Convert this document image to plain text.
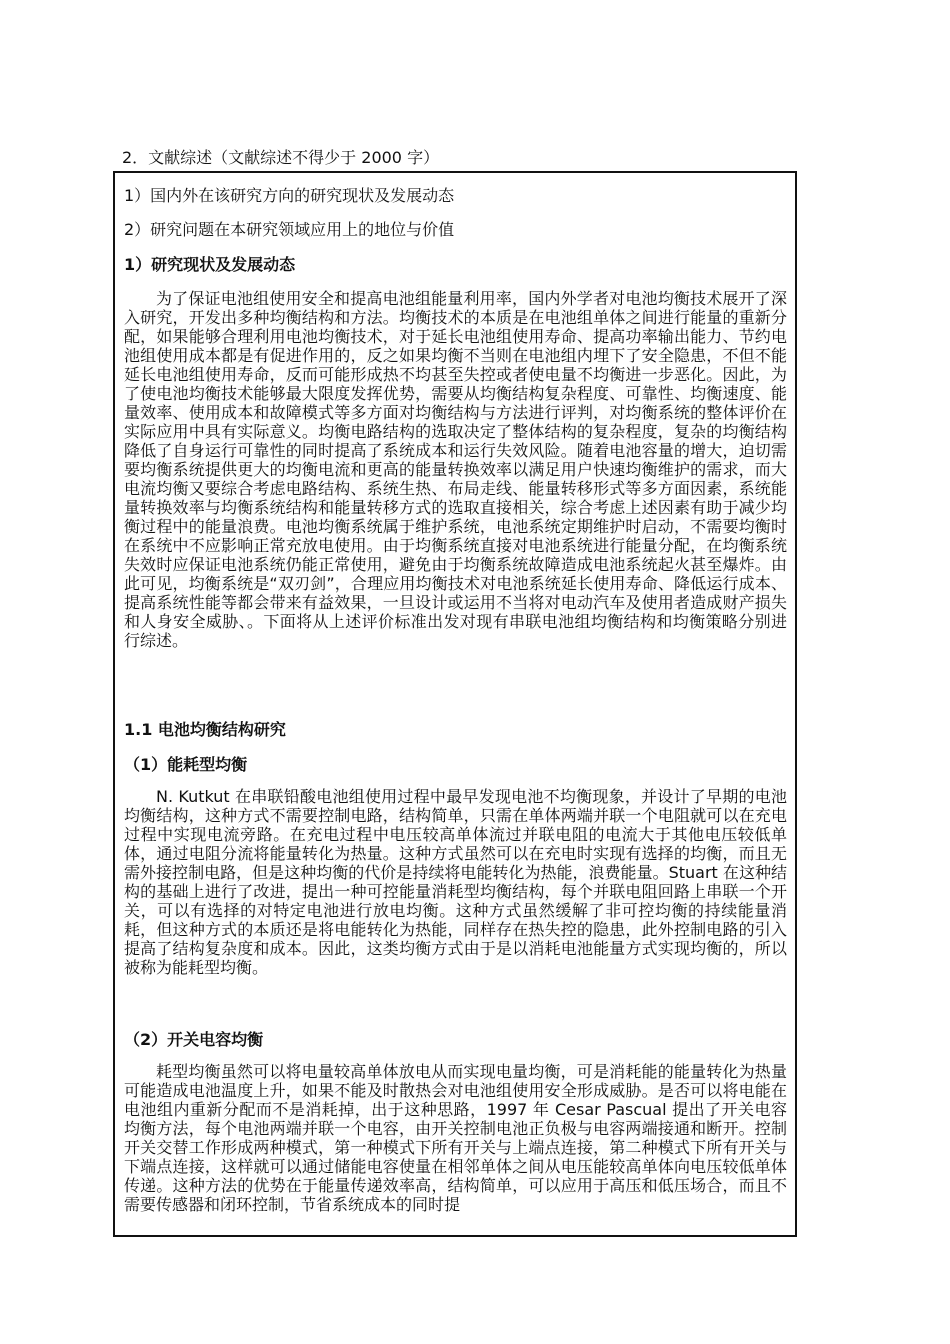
2．文献综述（文献综述不得少于 2000 字）
1）国内外在该研究方向的研究现状及发展动态
2）研究问题在本研究领域应用上的地位与价值
1）研究现状及发展动态

为了保证电池组使用安全和提高电池组能量利用率，国内外学者对电池均衡技术展开了深入研究，开发出多种均衡结构和方法。均衡技术的本质是在电池组单体之间进行能量的重新分配，如果能够合理利用电池均衡技术，对于延长电池组使用寿命、提高功率输出能力、节约电池组使用成本都是有促进作用的，反之如果均衡不当则在电池组内埋下了安全隐患，不但不能延长电池组使用寿命，反而可能形成热不均甚至失控或者使电量不均衡进一步恶化。因此，为了使电池均衡技术能够最大限度发挥优势，需要从均衡结构复杂程度、可靠性、均衡速度、能量效率、使用成本和故障模式等多方面对均衡结构与方法进行评判，对均衡系统的整体评价在实际应用中具有实际意义。均衡电路结构的选取决定了整体结构的复杂程度，复杂的均衡结构降低了自身运行可靠性的同时提高了系统成本和运行失效风险。随着电池容量的增大，迫切需要均衡系统提供更大的均衡电流和更高的能量转换效率以满足用户快速均衡维护的需求，而大电流均衡又要综合考虑电路结构、系统生热、布局走线、能量转移形式等多方面因素，系统能量转换效率与均衡系统结构和能量转移方式的选取直接相关，综合考虑上述因素有助于减少均衡过程中的能量浪费。电池均衡系统属于维护系统，电池系统定期维护时启动，不需要均衡时在系统中不应影响正常充放电使用。由于均衡系统直接对电池系统进行能量分配，在均衡系统失效时应保证电池系统仍能正常使用，避免由于均衡系统故障造成电池系统起火甚至爆炸。由此可见，均衡系统是“双刃剑”，合理应用均衡技术对电池系统延长使用寿命、降低运行成本、提高系统性能等都会带来有益效果，一旦设计或运用不当将对电动汽车及使用者造成财产损失和人身安全威胁、。下面将从上述评价标准出发对现有串联电池组均衡结构和均衡策略分别进行综述。

1.1 电池均衡结构研究
（1）能耗型均衡

N. Kutkut 在串联铅酸电池组使用过程中最早发现电池不均衡现象，并设计了早期的电池均衡结构，这种方式不需要控制电路，结构简单，只需在单体两端并联一个电阻就可以在充电过程中实现电流旁路。在充电过程中电压较高单体流过并联电阻的电流大于其他电压较低单体，通过电阻分流将能量转化为热量。这种方式虽然可以在充电时实现有选择的均衡，而且无需外接控制电路，但是这种均衡的代价是持续将电能转化为热能，浪费能量。Stuart 在这种结构的基础上进行了改进，提出一种可控能量消耗型均衡结构，每个并联电阻回路上串联一个开关，可以有选择的对特定电池进行放电均衡。这种方式虽然缓解了非可控均衡的持续能量消耗，但这种方式的本质还是将电能转化为热能，同样存在热失控的隐患，此外控制电路的引入提高了结构复杂度和成本。因此，这类均衡方式由于是以消耗电池能量方式实现均衡的，所以被称为能耗型均衡。

（2）开关电容均衡

耗型均衡虽然可以将电量较高单体放电从而实现电量均衡，可是消耗能的能量转化为热量可能造成电池温度上升，如果不能及时散热会对电池组使用安全形成威胁。是否可以将电能在电池组内重新分配而不是消耗掉，出于这种思路，1997 年 Cesar Pascual 提出了开关电容均衡方法，每个电池两端并联一个电容，由开关控制电池正负极与电容两端接通和断开。控制开关交替工作形成两种模式，第一种模式下所有开关与上端点连接，第二种模式下所有开关与下端点连接，这样就可以通过储能电容使量在相邻单体之间从电压能较高单体向电压较低单体传递。这种方法的优势在于能量传递效率高，结构简单，可以应用于高压和低压场合，而且不需要传感器和闭环控制，节省系统成本的同时提
